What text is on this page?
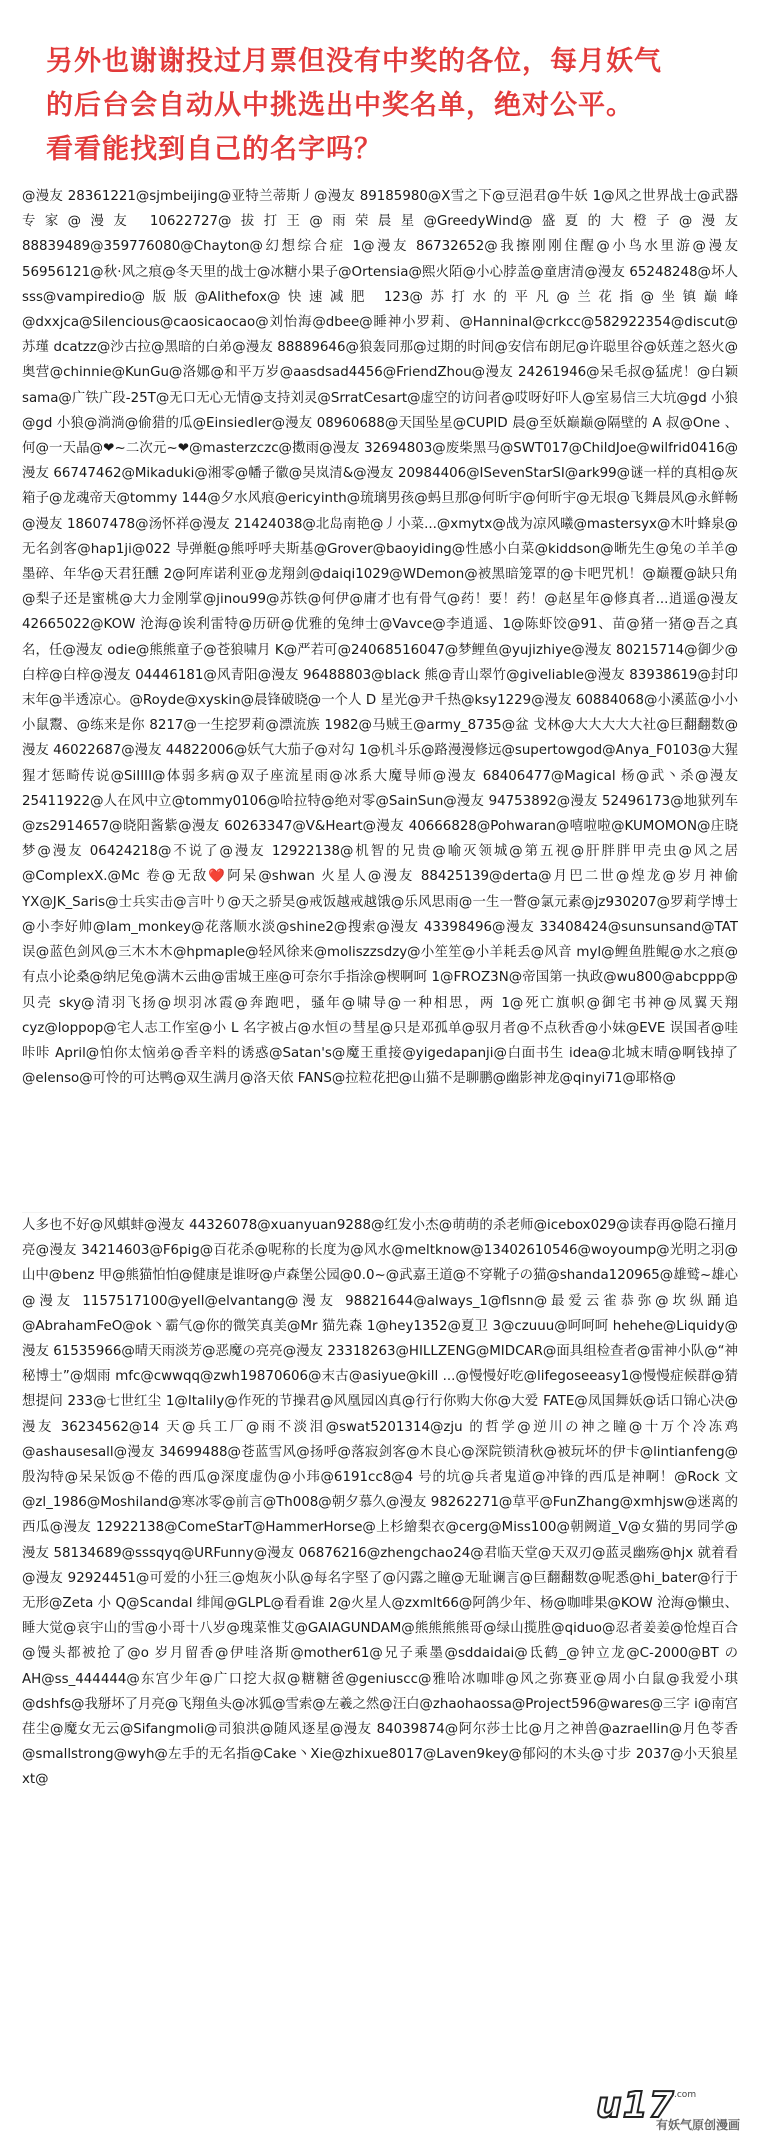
另外也谢谢投过月票但没有中奖的各位，每月妖气

的后台会自动从中挑选出中奖名单，绝对公平。

看看能找到自己的名字吗？

@漫友 28361221@sjmbeijing@亚特兰蒂斯丿@漫友 89185980@X雪之下@豆浥君@牛妖 1@风之世界战士@武器专家@漫友 10622727@拔打王@雨荣晨星@GreedyWind@盛夏的大橙子@漫友 88839489@359776080@Chayton@幻想综合症 1@漫友 86732652@我擦刚刚住醒@小鸟水里游@漫友 56956121@秋·风之痕@冬天里的战士@冰糖小果子@Ortensia@熙火陌@小心脖盖@童唐清@漫友 65248248@坏人 sss@vampiredio@版版@Alithefox@快速减肥 123@苏打水的平凡@兰花指@坐镇巅峰@dxxjca@Silencious@caosicaocao@刘怡海@dbee@睡神小罗莉、@Hanninal@crkcc@582922354@discut@苏瑾 dcatzz@沙古拉@黑暗的白弟@漫友 88889646@狼轰同那@过期的时间@安信布朗尼@许聪里谷@妖莲之怒火@奥营@chinnie@KunGu@洛娜@和平万岁@aasdsad4456@FriendZhou@漫友 24261946@呆毛叔@猛虎！@白颖 sama@广铁广段-25T@无口无心无情@支持刘灵@SrratCesart@虚空的访问者@哎呀好吓人@室易信三大坑@gd 小狼@gd 小狼@淌淌@偷猎的瓜@Einsiedler@漫友 08960688@天国坠星@CUPID 晨@至妖巅巅@隔壁的 A 叔@One 、何@一天晶@❤~二次元~❤@masterzczc@擞雨@漫友 32694803@废柴黑马@SWT017@ChildJoe@wilfrid0416@漫友 66747462@Mikaduki@湘零@幡子徽@吴岚清&@漫友 20984406@ISevenStarSI@ark99@谜一样的真相@灰箱子@龙魂帝天@tommy 144@夕水风痕@ericyinth@琉璃男孩@蚂旦那@何昕宇@何昕宇@无垠@飞舞晨风@永鲜畅@漫友 18607478@汤怀祥@漫友 21424038@北岛南艳@丿小菜...@xmytx@战为凉风曦@mastersyx@木叶蜂泉@无名剑客@hap1ji@022 导弹艇@熊呼呼夫斯基@Grover@baoyiding@性感小白菜@kiddson@晰先生@兔の羊羊@墨碎、年华@天君狂醺 2@阿库诺利亚@龙翔剑@daiqi1029@WDemon@被黑暗笼罩的@卡吧咒机！@巅覆@缺只角@梨子还是蜜桃@大力金刚掌@jinou99@苏铁@何伊@庸才也有骨气@药！要！药！@赵星年@修真者...逍遥@漫友 42665022@KOW 沧海@诶利雷特@历研@优雅的兔绅士@Vavce@李逍遥、1@陈虾饺@91、苗@猪一猪@吾之真名，任@漫友 odie@熊熊童子@苍狼啸月 K@严若可@24068516047@梦鲤鱼@yujizhiye@漫友 80215714@御少@白梓@白梓@漫友 04446181@风青阳@漫友 96488803@black 熊@青山翠竹@giveliable@漫友 83938619@封印末年@半透凉心。@Royde@xyskin@晨锋破晓@一个人 D 星光@尹千热@ksy1229@漫友 60884068@小溪蓝@小小小鼠鬻、@练来是你 8217@一生挖罗莉@漂流族 1982@马贼王@army_8735@盆 戈林@大大大大大社@巨翻翻数@漫友 46022687@漫友 44822006@妖气大茄子@对勾 1@机斗乐@路漫漫修远@supertowgod@Anya_F0103@大猩猩才惩畸传说@SiIIII@体弱多病@双子座流星雨@冰系大魔导师@漫友 68406477@Magical 杨@武丶杀@漫友 25411922@人在风中立@tommy0106@哈拉特@绝对零@SainSun@漫友 94753892@漫友 52496173@地狱列车@zs2914657@晓阳酱紫@漫友 60263347@V&Heart@漫友 40666828@Pohwaran@嘻啦啦@KUMOMON@庄晓梦@漫友 06424218@不说了@漫友 12922138@机智的兄贵@喻灭领城@第五视@肝胖胖甲壳虫@风之居@ComplexX.@Mc 卷@无敌❤️阿呆@shwan 火星人@漫友 88425139@derta@月巴二世@煌龙@岁月神偷 YX@JK_Saris@士兵实击@言叶り@天之骄昊@戒饭越戒越饿@乐风思雨@一生一瞥@氯元素@jz930207@罗莉学博士@小李好帅@lam_monkey@花落顺水淡@shine2@搜索@漫友 43398496@漫友 33408424@sunsunsand@TAT 误@蓝色剑风@三木木木@hpmaple@轻风徐来@moliszzsdzy@小笙笙@小羊耗丢@风音 myl@鲤鱼胜鲲@水之痕@有点小论桑@纳尼兔@满木云曲@雷城王座@可奈尔手指涂@楔啊呵 1@FROZ3N@帝国第一执政@wu800@abcppp@贝壳 sky@清羽飞扬@坝羽冰霞@奔跑吧，骚年@啸导@一种相思，两 1@死亡旗帜@御宅书神@凤翼天翔 cyz@loppop@宅人志工作室@小 L 名字被占@水恒の彗星@只是邓孤单@驭月者@不点秋香@小妹@EVE 误国者@哇咔咔 April@怕你太恼弟@香辛料的诱惑@Satan's@魔王重接@yigedapanji@白面书生 idea@北城末晴@啊钱掉了@elenso@可怜的可达鸭@双生满月@洛天依 FANS@拉粒花把@山猫不是聊鹏@幽影神龙@qinyi71@耶格@
人多也不好@风蜞蚌@漫友 44326078@xuanyuan9288@红发小杰@萌萌的杀老师@icebox029@读春再@隐石撞月亮@漫友 34214603@F6pig@百花杀@呢称的长度为@风水@meltknow@13402610546@woyoump@光明之羽@山中@benz 甲@熊猫怕怕@健康是谁呀@卢森堡公园@0.0~@武嘉王道@不穿靴子の猫@shanda120965@雄鹫~雄心@漫友 1157517100@yell@elvantang@漫友 98821644@always_1@flsnn@最爱云雀恭弥@坎纵踊追@AbrahamFeO@ok丶霸气@你的微笑真美@Mr 猫先森 1@hey1352@夏卫 3@czuuu@呵呵呵 hehehe@Liquidy@漫友 61535966@晴天雨淡芳@恶魔の亮亮@漫友 23318263@HILLZENG@MIDCAR@面具组检查者@雷神小队@“神秘博士”@烟雨 mfc@cwwqq@zwh19870606@末古@asiyue@kill ...@慢慢好吃@lifegoseeasy1@慢慢症候群@猜想提问 233@七世红尘 1@Italily@作死的节操君@风凰园凶真@行行你购大你@大爱 FATE@凤国舞妖@话口锦心决@漫友 36234562@14 天@兵工厂@雨不淡泪@swat5201314@zju 的哲学@逆川の神之瞳@十万个冷冻鸡@ashausesall@漫友 34699488@苍蓝雪风@扬呼@落寂剑客@木良心@深院锁清秋@被玩坏的伊卡@lintianfeng@殷沟特@呆呆饭@不倦的西瓜@深度虚伪@小玮@6191cc8@4 号的坑@兵者鬼道@冲锋的西瓜是神啊！@Rock 文@zl_1986@Moshiland@寒冰零@前言@Th008@朝夕慕久@漫友 98262271@草平@FunZhang@xmhjsw@迷离的西瓜@漫友 12922138@ComeStarT@HammerHorse@上杉繪梨衣@cerg@Miss100@朝阙道_V@女猫的男同学@漫友 58134689@sssqyq@URFunny@漫友 06876216@zhengchao24@君临天堂@天双刃@蓝灵幽殇@hjx 就着看@漫友 92924451@可爱的小狂三@炮灰小队@每名字堅了@闪露之瞳@无耻谰言@巨翻翻数@呢悉@hi_bater@行于无形@Zeta 小 Q@Scandal 绯闻@GLPL@看看谁 2@火星人@zxmlt66@阿鸽少年、杨@咖啡果@KOW 沧海@懒虫、睡大觉@哀宇山的雪@小哥十八岁@瑰菜惟艾@GAIAGUNDAM@熊熊熊熊哥@绿山揽胜@qiduo@忍者姜姜@怆煌百合@馒头都被抢了@o 岁月留香@伊哇洛斯@mother61@兄子乘墨@sddaidai@氐鹤_@钟立龙@C-2000@BT の AH@ss_444444@东宫少年@广口挖大叔@糖糖爸@geniuscc@雅哈冰咖啡@风之弥赛亚@周小白鼠@我爱小琪@dshfs@我掰坏了月亮@飞翔鱼头@冰狐@雪索@左羲之然@汪白@zhaohaossa@Project596@wares@三字 i@南宫荏尘@魔女无云@Sifangmoli@司狼洪@随风逐星@漫友 84039874@阿尔莎士比@月之神兽@azraellin@月色苓香@smallstrong@wyh@左手的无名指@Cake丶Xie@zhixue8017@Laven9key@郁闷的木头@寸步 2037@小天狼星 xt@
u17 .com
有妖气原创漫画
